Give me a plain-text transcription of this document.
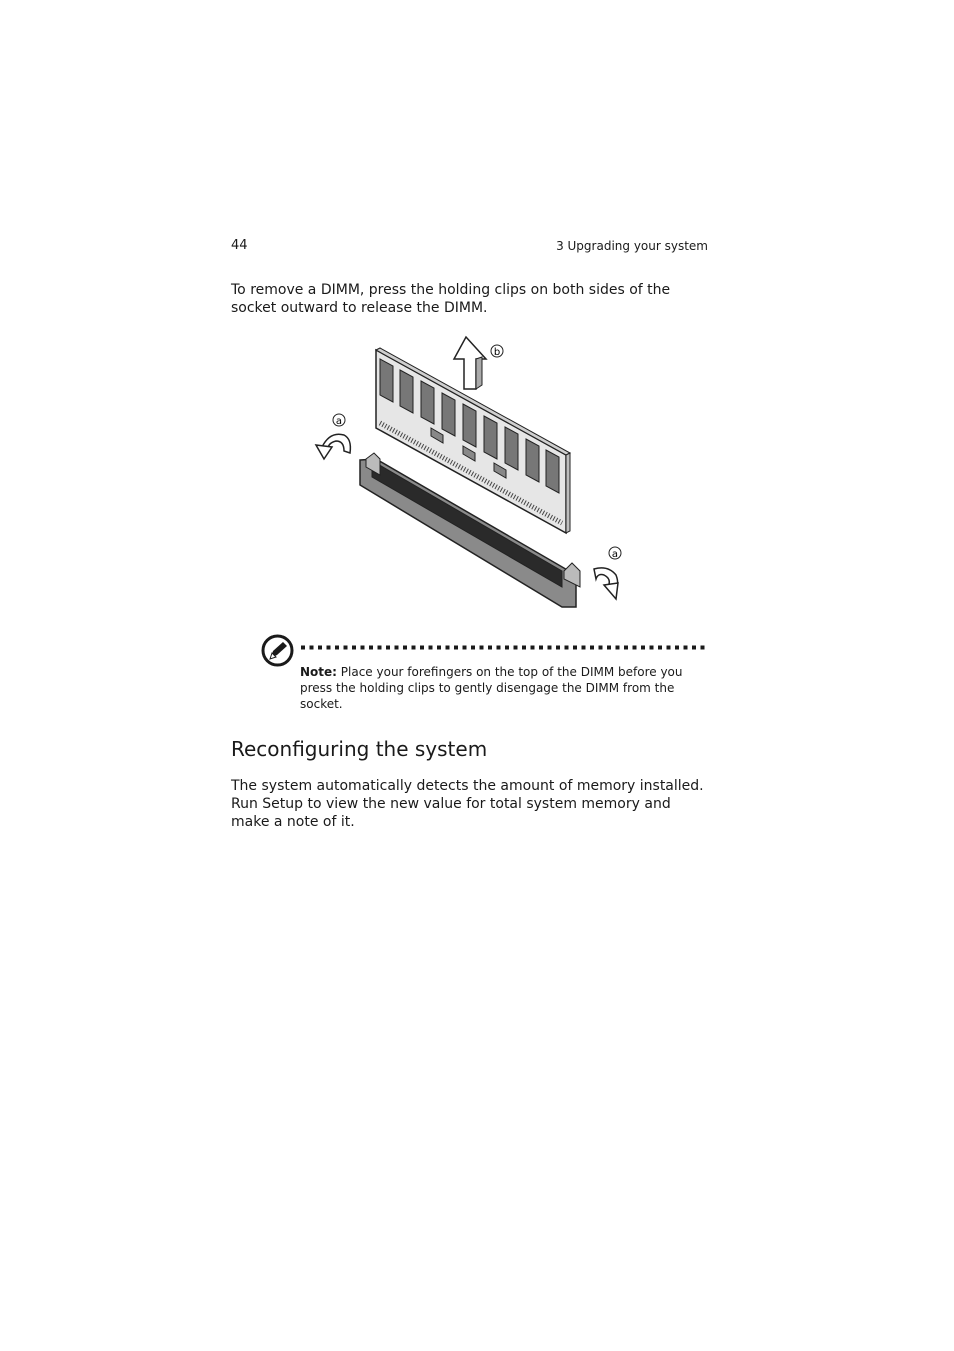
44	3 Upgrading your system

To remove a DIMM, press the holding clips on both sides of the socket outward to release the DIMM.

b
a
a
Note: Place your forefingers on the top of the DIMM before you press the holding clips to gently disengage the DIMM from the socket.
Reconfiguring the system

The system automatically detects the amount of memory installed. Run Setup to view the new value for total system memory and make a note of it.
